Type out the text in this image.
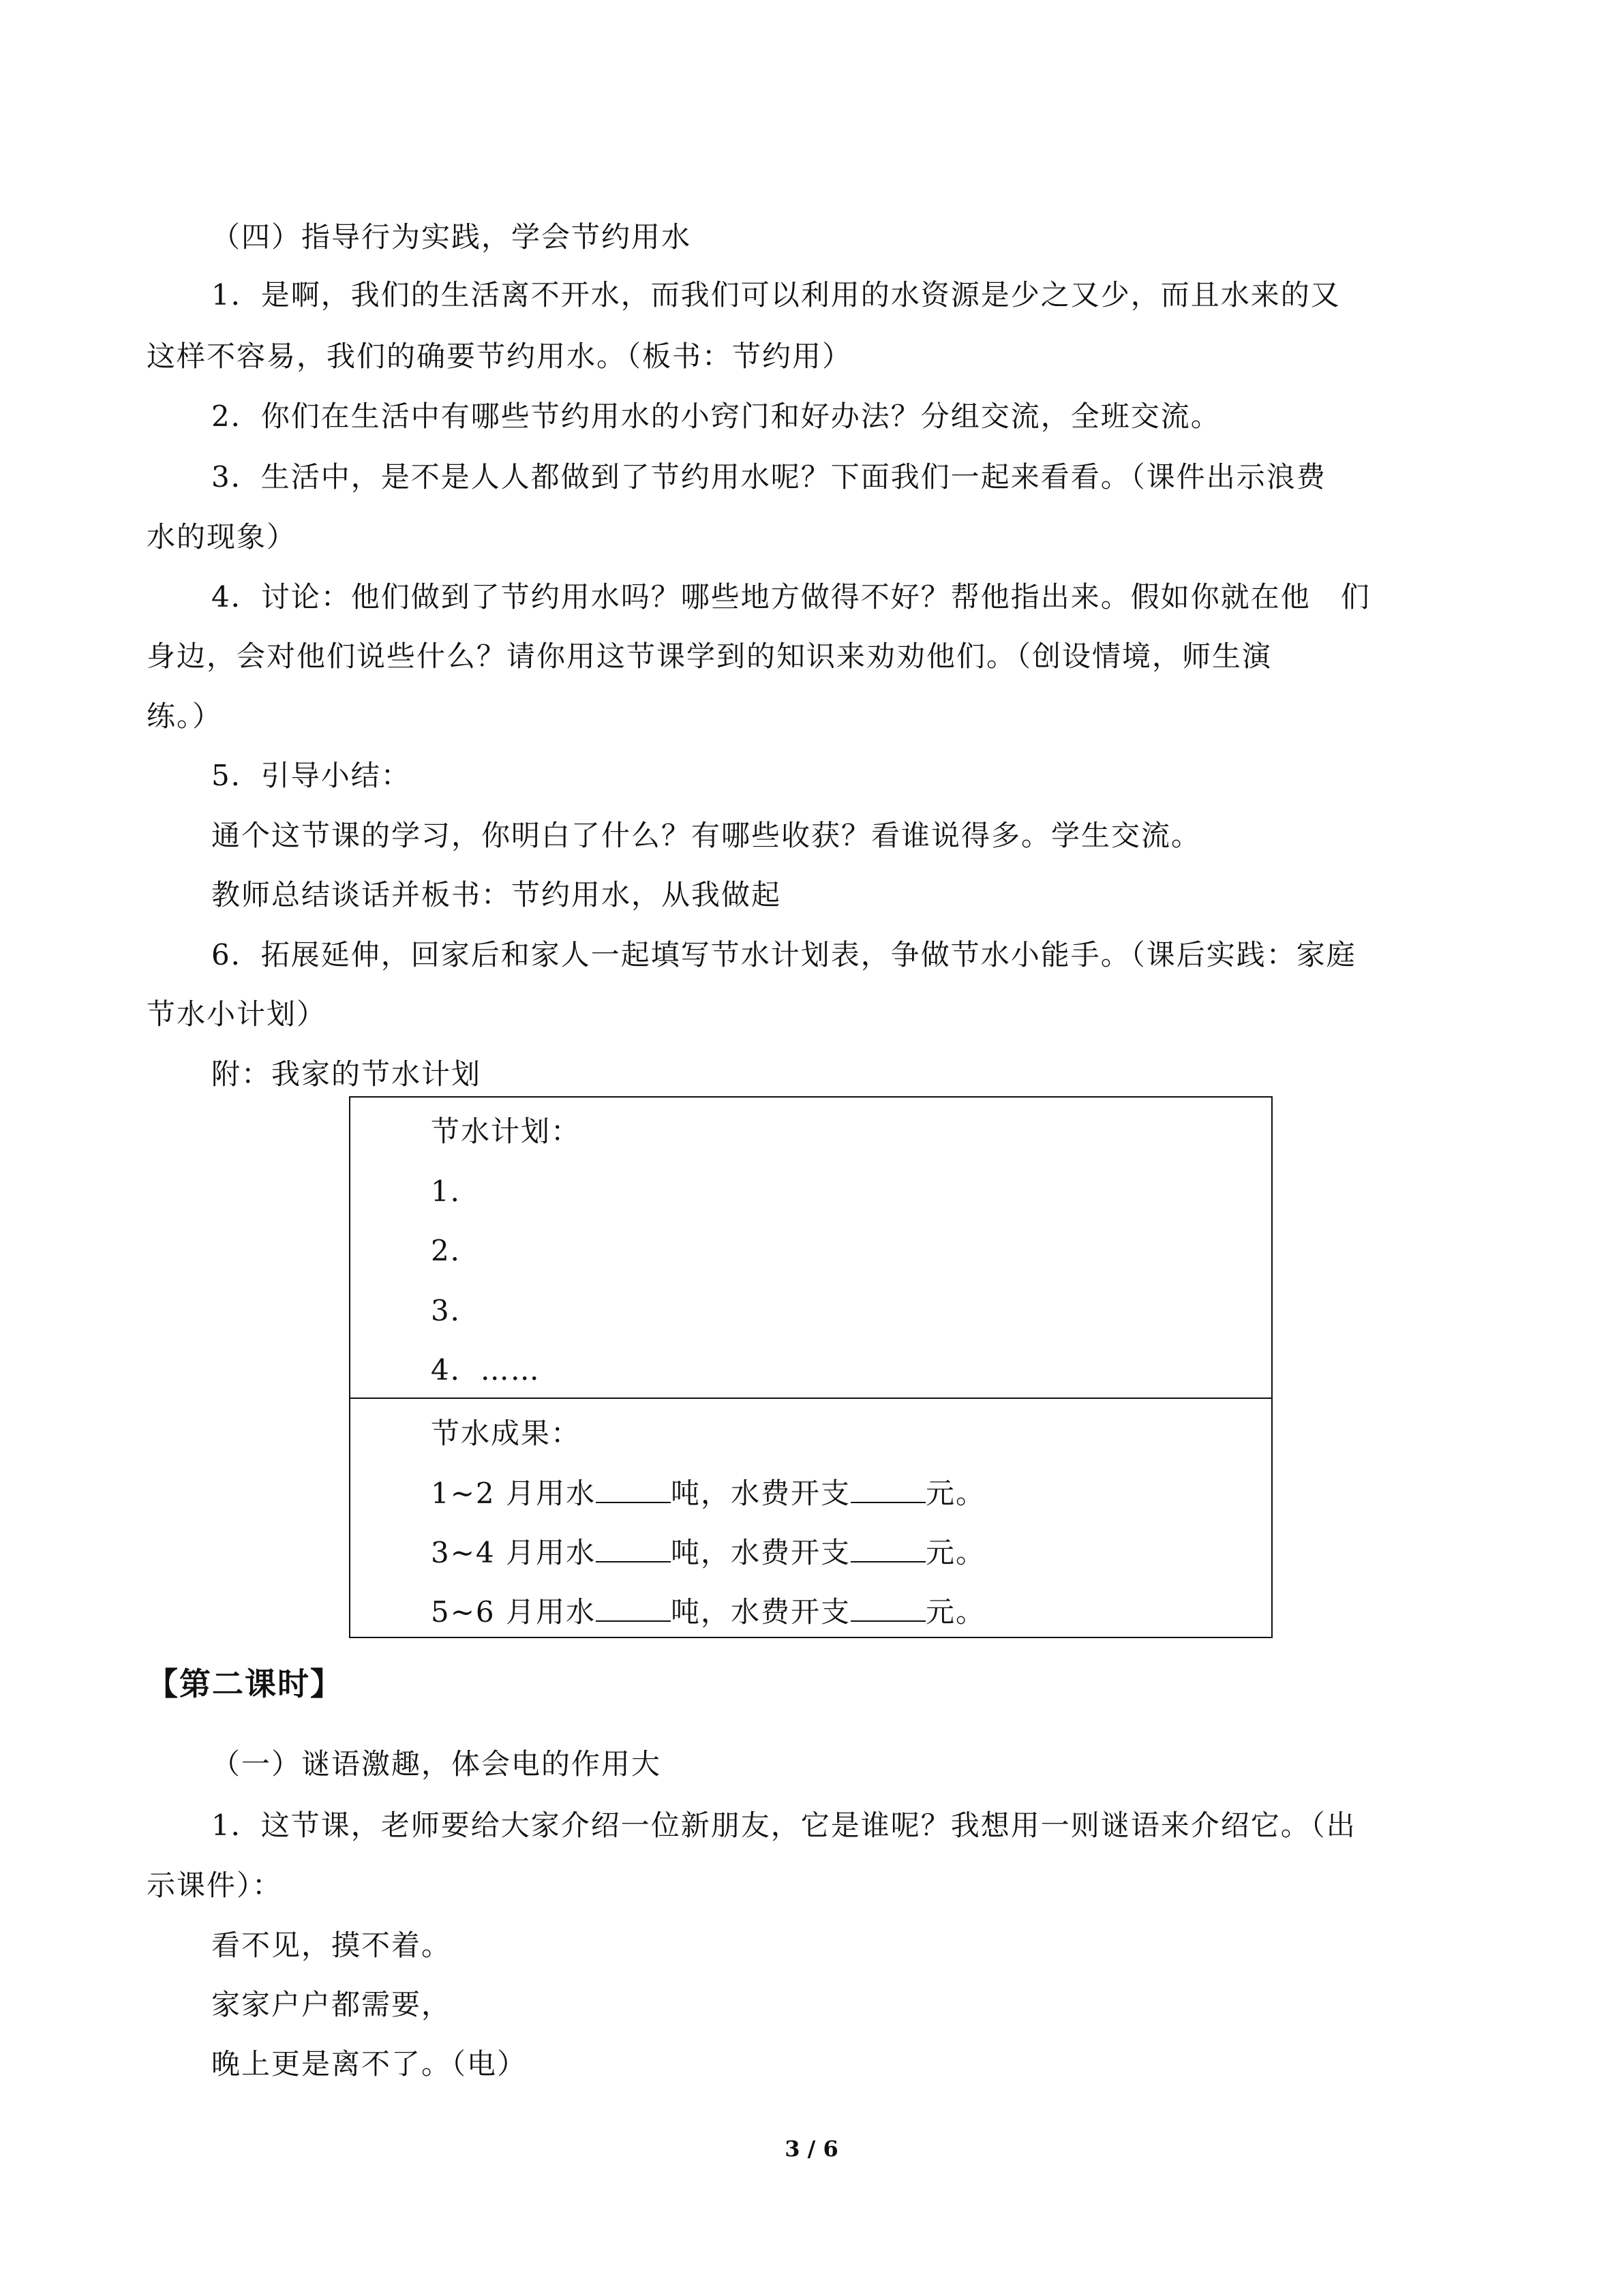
（四）指导行为实践，学会节约用水
1．是啊，我们的生活离不开水，而我们可以利用的水资源是少之又少，而且水来的又
这样不容易，我们的确要节约用水。（板书：节约用）
2．你们在生活中有哪些节约用水的小窍门和好办法？分组交流，全班交流。
3．生活中，是不是人人都做到了节约用水呢？下面我们一起来看看。（课件出示浪费
水的现象）
4．讨论：他们做到了节约用水吗？哪些地方做得不好？帮他指出来。假如你就在他　们
身边，会对他们说些什么？请你用这节课学到的知识来劝劝他们。（创设情境，师生演
练。）
5．引导小结：
通个这节课的学习，你明白了什么？有哪些收获？看谁说得多。学生交流。
教师总结谈话并板书：节约用水，从我做起
6．拓展延伸，回家后和家人一起填写节水计划表，争做节水小能手。（课后实践：家庭
节水小计划）
附：我家的节水计划
节水计划：
1．
2．
3．
4．……
节水成果：
1~2 月用水	吨，水费开支	元。
3~4 月用水	吨，水费开支	元。
5~6 月用水	吨，水费开支	元。
【第二课时】
（一）谜语激趣，体会电的作用大
1．这节课，老师要给大家介绍一位新朋友，它是谁呢？我想用一则谜语来介绍它。（出
示课件）：
看不见，摸不着。
家家户户都需要，
晚上更是离不了。（电）
3 / 6
